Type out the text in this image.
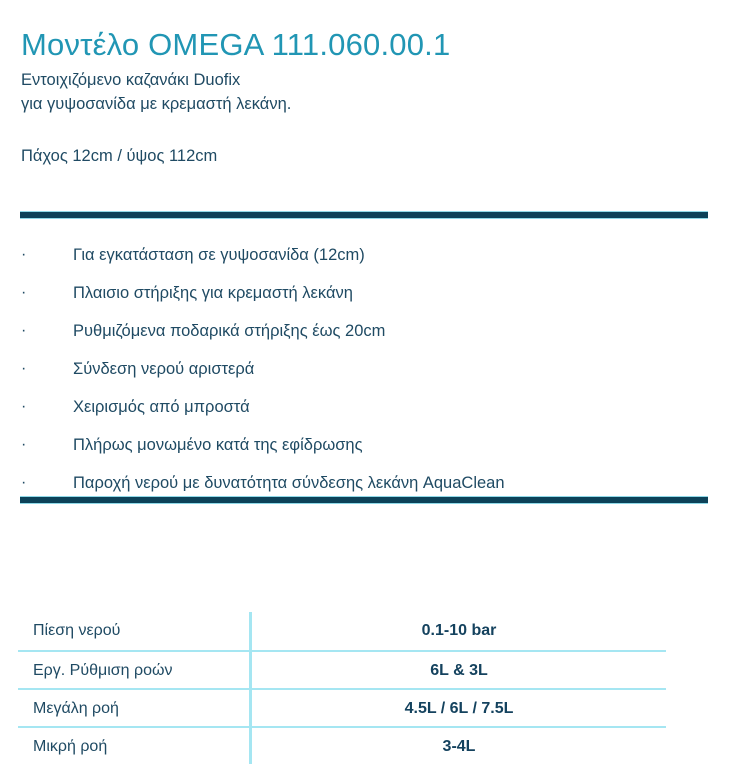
Μοντέλο OMEGA 111.060.00.1
Εντοιχιζόμενο καζανάκι Duofix
για γυψοσανίδα με κρεμαστή λεκάνη.
Πάχος 12cm / ύψος 112cm
·	Για εγκατάσταση σε γυψοσανίδα (12cm)
·	Πλαισιο στήριξης για κρεμαστή λεκάνη
·	Ρυθμιζόμενα ποδαρικά στήριξης έως 20cm
·	Σύνδεση νερού αριστερά
·	Χειρισμός από μπροστά
·	Πλήρως μονωμένο κατά της εφίδρωσης
·	Παροχή νερού με δυνατότητα σύνδεσης λεκάνη AquaClean
Πίεση νερού	0.1-10 bar
Εργ. Ρύθμιση ροών	6L & 3L
Μεγάλη ροή	4.5L / 6L / 7.5L
Μικρή ροή	3-4L
